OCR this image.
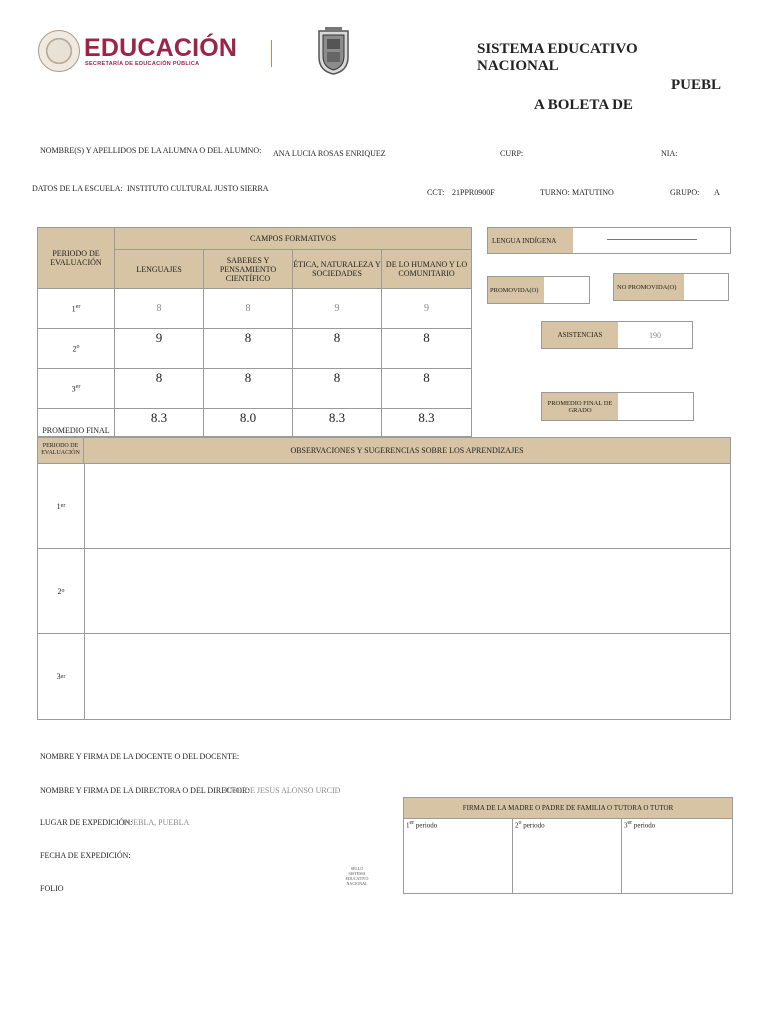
EDUCACIÓN
SECRETARÍA DE EDUCACIÓN PÚBLICA
SISTEMA EDUCATIVO NACIONAL
PUEBL
A BOLETA DE
NOMBRE(S) Y APELLIDOS DE LA ALUMNA O DEL ALUMNO: ANA LUCIA ROSAS ENRIQUEZ	CURP:	NIA:
DATOS DE LA ESCUELA: INSTITUTO CULTURAL JUSTO SIERRA	CCT: 21PPR0900F	TURNO: MATUTINO	GRUPO: A
PERIODO DE EVALUACIÓN	CAMPOS FORMATIVOS			
	LENGUAJES	SABERES Y PENSAMIENTO CIENTÍFICO	ÉTICA, NATURALEZA Y SOCIEDADES	DE LO HUMANO Y LO COMUNITARIO
1er	8	8	9	9
2$^o$	9	8	8	8
3er	8	8	8	8
PROMEDIO FINAL	8.3	8.0	8.3	8.3
LENGUA INDÍGENA
PROMOVIDA(O)	NO PROMOVIDA(O)
ASISTENCIAS	190
PROMEDIO FINAL DE GRADO
PERIODO DE EVALUACIÓN	OBSERVACIONES Y SUGERENCIAS SOBRE LOS APRENDIZAJES
1 er
2 o
3 er
NOMBRE Y FIRMA DE LA DOCENTE O DEL DOCENTE:
NOMBRE Y FIRMA DE LA DIRECTORA O DEL DIRECTOR:
JOSE DE JESUS ALONSO URCID
LUGAR DE EXPEDICIÓN:
PUEBLA, PUEBLA
FECHA DE EXPEDICIÓN:
FOLIO
SELLO SISTEMA EDUCATIVO NACIONAL
FIRMA DE LA MADRE O PADRE DE FAMILIA O TUTORA O TUTOR
1er periodo	2$^o$ periodo	3er periodo
